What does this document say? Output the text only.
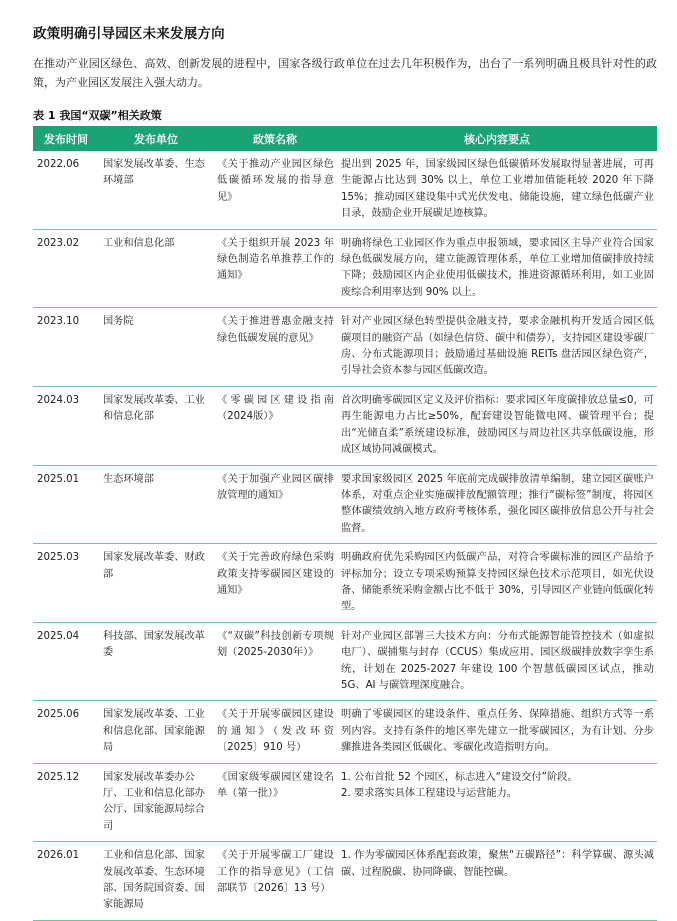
政策明确引导园区未来发展方向
在推动产业园区绿色、高效、创新发展的进程中，国家各级行政单位在过去几年积极作为，出台了一系列明确且极具针对性的政策，为产业园区发展注入强大动力。
表 1 我国“双碳”相关政策
发布时间	发布单位	政策名称	核心内容要点
2022.06	国家发展改革委、生态环境部	《关于推动产业园区绿色低碳循环发展的指导意见》	提出到 2025 年，国家级园区绿色低碳循环发展取得显著进展，可再生能源占比达到 30% 以上，单位工业增加值能耗较 2020 年下降 15%；推动园区建设集中式光伏发电、储能设施，建立绿色低碳产业目录，鼓励企业开展碳足迹核算。
2023.02	工业和信息化部	《关于组织开展 2023 年绿色制造名单推荐工作的通知》	明确将绿色工业园区作为重点申报领域，要求园区主导产业符合国家绿色低碳发展方向，建立能源管理体系，单位工业增加值碳排放持续下降；鼓励园区内企业使用低碳技术，推进资源循环利用，如工业固废综合利用率达到 90% 以上。
2023.10	国务院	《关于推进普惠金融支持绿色低碳发展的意见》	针对产业园区绿色转型提供金融支持，要求金融机构开发适合园区低碳项目的融资产品（如绿色信贷、碳中和债券），支持园区建设零碳厂房、分布式能源项目；鼓励通过基础设施 REITs 盘活园区绿色资产，引导社会资本参与园区低碳改造。
2024.03	国家发展改革委、工业和信息化部	《零碳园区建设指南（2024版）》	首次明确零碳园区定义及评价指标：要求园区年度碳排放总量≤0，可再生能源电力占比≥50%，配套建设智能微电网、碳管理平台；提出“光储直柔”系统建设标准，鼓励园区与周边社区共享低碳设施，形成区域协同减碳模式。
2025.01	生态环境部	《关于加强产业园区碳排放管理的通知》	要求国家级园区 2025 年底前完成碳排放清单编制，建立园区碳账户体系，对重点企业实施碳排放配额管理；推行“碳标签”制度，将园区整体碳绩效纳入地方政府考核体系，强化园区碳排放信息公开与社会监督。
2025.03	国家发展改革委、财政部	《关于完善政府绿色采购政策支持零碳园区建设的通知》	明确政府优先采购园区内低碳产品，对符合零碳标准的园区产品给予评标加分；设立专项采购预算支持园区绿色技术示范项目，如光伏设备、储能系统采购金额占比不低于 30%，引导园区产业链向低碳化转型。
2025.04	科技部、国家发展改革委	《“双碳”科技创新专项规划（2025-2030年）》	针对产业园区部署三大技术方向：分布式能源智能管控技术（如虚拟电厂）、碳捕集与封存（CCUS）集成应用、园区级碳排放数字孪生系统，计划在 2025-2027 年建设 100 个智慧低碳园区试点，推动 5G、AI 与碳管理深度融合。
2025.06	国家发展改革委、工业和信息化部、国家能源局	《关于开展零碳园区建设的通知》（发改环资〔2025〕910 号）	明确了零碳园区的建设条件、重点任务、保障措施、组织方式等一系列内容。支持有条件的地区率先建立一批零碳园区，为有计划、分步骤推进各类园区低碳化、零碳化改造指明方向。
2025.12	国家发展改革委办公厅、工业和信息化部办公厅、国家能源局综合司	《国家级零碳园区建设名单（第一批）》	1. 公布首批 52 个园区，标志进入“建设交付”阶段。
2. 要求落实具体工程建设与运营能力。

2026.01	工业和信息化部、国家发展改革委、生态环境部、国务院国资委、国家能源局	《关于开展零碳工厂建设工作的指导意见》（工信部联节〔2026〕13 号）	1. 作为零碳园区体系配套政策，聚焦“五碳路径”：科学算碳、源头减碳、过程脱碳、协同降碳、智能控碳。
